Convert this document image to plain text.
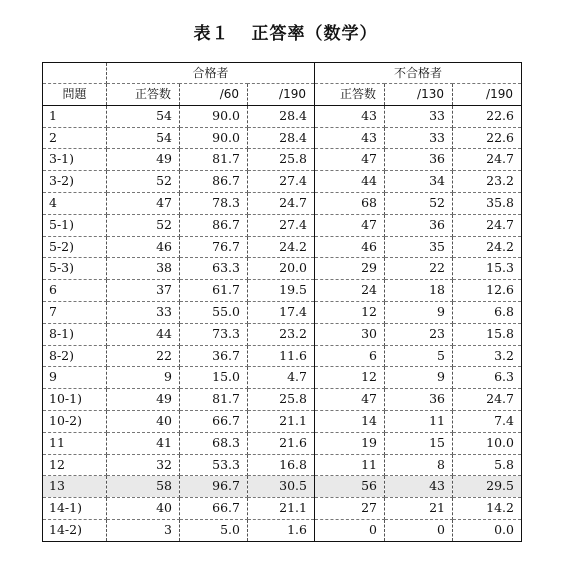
表１ 正答率（数学）
	合格者			不合格者		
問題	正答数	/60	/190	正答数	/130	/190
1	54	90.0	28.4	43	33	22.6
2	54	90.0	28.4	43	33	22.6
3-1)	49	81.7	25.8	47	36	24.7
3-2)	52	86.7	27.4	44	34	23.2
4	47	78.3	24.7	68	52	35.8
5-1)	52	86.7	27.4	47	36	24.7
5-2)	46	76.7	24.2	46	35	24.2
5-3)	38	63.3	20.0	29	22	15.3
6	37	61.7	19.5	24	18	12.6
7	33	55.0	17.4	12	9	6.8
8-1)	44	73.3	23.2	30	23	15.8
8-2)	22	36.7	11.6	6	5	3.2
9	9	15.0	4.7	12	9	6.3
10-1)	49	81.7	25.8	47	36	24.7
10-2)	40	66.7	21.1	14	11	7.4
11	41	68.3	21.6	19	15	10.0
12	32	53.3	16.8	11	8	5.8
13	58	96.7	30.5	56	43	29.5
14-1)	40	66.7	21.1	27	21	14.2
14-2)	3	5.0	1.6	0	0	0.0
